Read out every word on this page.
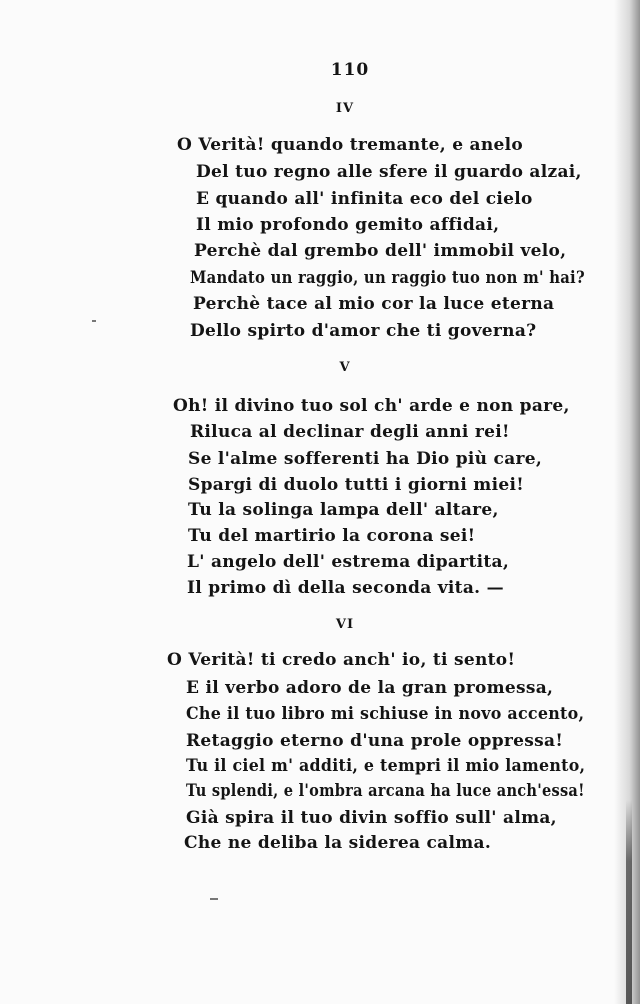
110
IV
O Verità! quando tremante, e anelo
Del tuo regno alle sfere il guardo alzai,
E quando all' infinita eco del cielo
Il mio profondo gemito affidai,
Perchè dal grembo dell' immobil velo,
Mandato un raggio, un raggio tuo non m' hai?
Perchè tace al mio cor la luce eterna
Dello spirto d'amor che ti governa?
V
Oh! il divino tuo sol ch' arde e non pare,
Riluca al declinar degli anni rei!
Se l'alme sofferenti ha Dio più care,
Spargi di duolo tutti i giorni miei!
Tu la solinga lampa dell' altare,
Tu del martirio la corona sei!
L' angelo dell' estrema dipartita,
Il primo dì della seconda vita. —
VI
O Verità! ti credo anch' io, ti sento!
E il verbo adoro de la gran promessa,
Che il tuo libro mi schiuse in novo accento,
Retaggio eterno d'una prole oppressa!
Tu il ciel m' additi, e tempri il mio lamento,
Tu splendi, e l'ombra arcana ha luce anch'essa!
Già spira il tuo divin soffio sull' alma,
Che ne deliba la siderea calma.
